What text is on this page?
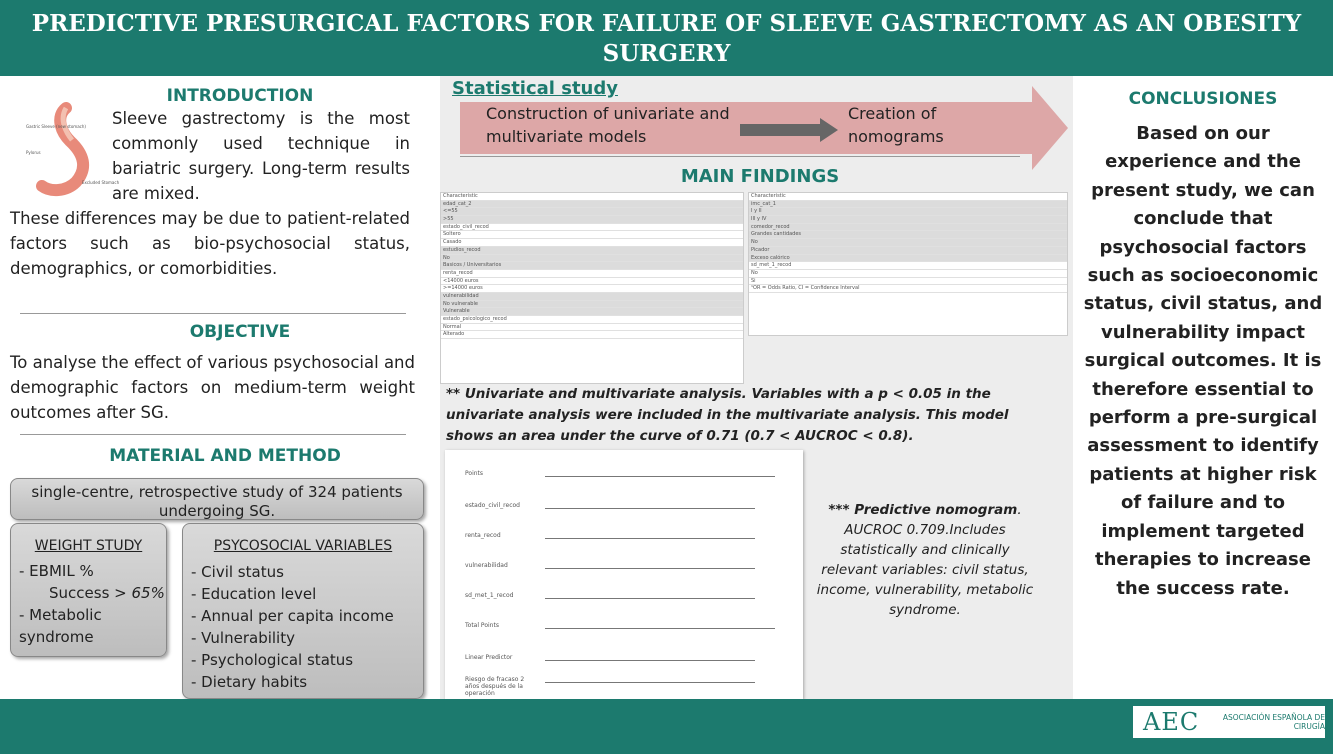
PREDICTIVE PRESURGICAL FACTORS FOR FAILURE OF SLEEVE GASTRECTOMY AS AN OBESITY SURGERY
INTRODUCTION
Gastric Sleeve (new stomach)
Pylorus
Excluded Stomach
Sleeve gastrectomy is the most commonly used technique in bariatric surgery. Long-term results are mixed.
These differences may be due to patient-related factors such as bio-psychosocial status, demographics, or comorbidities.
OBJECTIVE
To analyse the effect of various psychosocial and demographic factors on medium-term weight outcomes after SG.
MATERIAL AND METHOD
single-centre, retrospective study of 324 patients undergoing SG.
WEIGHT STUDY
- EBMIL %
Success > 65%
- Metabolic syndrome
PSYCOSOCIAL VARIABLES
- Civil status
- Education level
- Annual per capita income
- Vulnerability
- Psychological status
- Dietary habits
Statistical study
Construction of univariate and multivariate models
Creation of nomograms
MAIN FINDINGS
Characteristic
edad_cat_2
<=55
>55
estado_civil_recod
Soltero
Casado
estudios_recod
No
Basicos / Universitarios
renta_recod
<14000 euros
>=14000 euros
vulnerabilidad
No vulnerable
Vulnerable
estado_psicologico_recod
Normal
Alterado
Characteristic
imc_cat_1
I y II
III y IV
comedor_recod
Grandes cantidades
No
Picador
Exceso calórico
sd_met_1_recod
No
Si
¹OR = Odds Ratio, CI = Confidence Interval
** Univariate and multivariate analysis. Variables with a p < 0.05 in the univariate analysis were included in the multivariate analysis. This model shows an area under the curve of 0.71 (0.7 < AUCROC < 0.8).
Points
estado_civil_recod
renta_recod
vulnerabilidad
sd_met_1_recod
Total Points
Linear Predictor
Riesgo de fracaso 2 años después de la operación
*** Predictive nomogram. AUCROC 0.709.Includes statistically and clinically relevant variables: civil status, income, vulnerability, metabolic syndrome.
CONCLUSIONES
Based on our experience and the present study, we can conclude that psychosocial factors such as socioeconomic status, civil status, and vulnerability impact surgical outcomes. It is therefore essential to perform a pre-surgical assessment to identify patients at higher risk of failure and to implement targeted therapies to increase the success rate.
AEC	ASOCIACIÓN ESPAÑOLA DE CIRUGÍA
